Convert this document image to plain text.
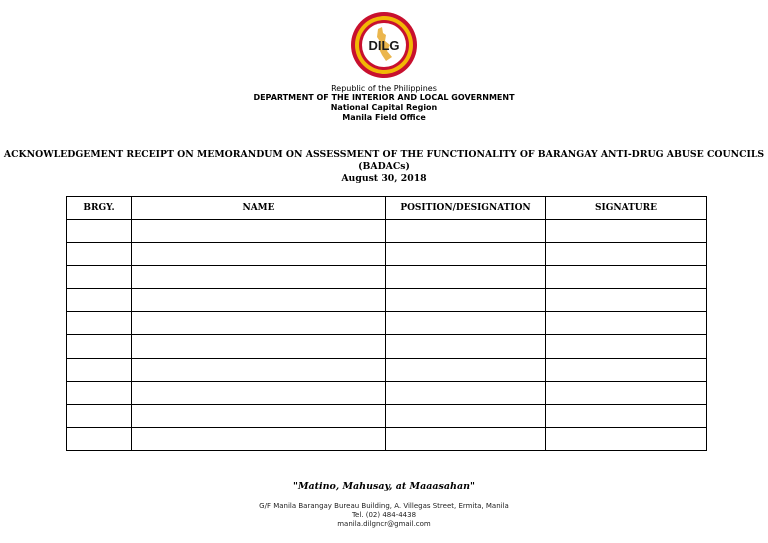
DILG
Republic of the Philippines
DEPARTMENT OF THE INTERIOR AND LOCAL GOVERNMENT
National Capital Region
Manila Field Office
ACKNOWLEDGEMENT RECEIPT ON MEMORANDUM ON ASSESSMENT OF THE FUNCTIONALITY OF BARANGAY ANTI-DRUG ABUSE COUNCILS
(BADACs)
August 30, 2018
BRGY.	NAME	POSITION/DESIGNATION	SIGNATURE

"Matino, Mahusay, at Maaasahan"
G/F Manila Barangay Bureau Building, A. Villegas Street, Ermita, Manila
Tel. (02) 484-4438
manila.dilgncr@gmail.com
